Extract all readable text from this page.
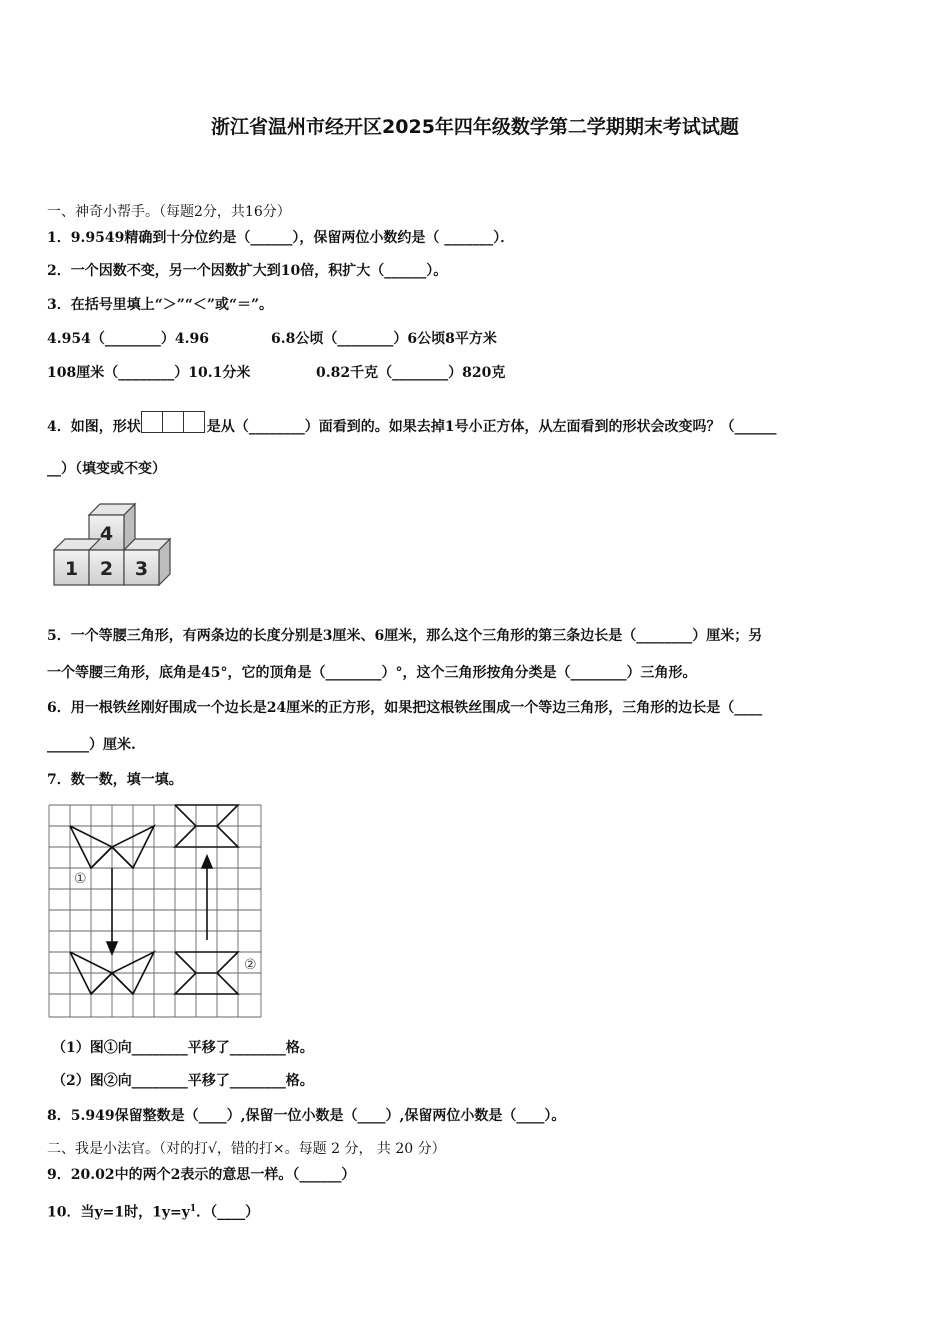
浙江省温州市经开区2025年四年级数学第二学期期末考试试题
一、神奇小帮手。（每题2分，共16分）
1．9.9549精确到十分位约是（______），保留两位小数约是（ _______）．
2．一个因数不变，另一个因数扩大到10倍，积扩大（______）。
3．在括号里填上“＞”“＜”或“＝”。
4.954（________）4.96	6.8公顷（________）6公顷8平方米
108厘米（________）10.1分米	0.82千克（________）820克
4．如图，形状	是从（________）面看到的。如果去掉1号小正方体，从左面看到的形状会改变吗？（______
__）（填变或不变）
4
1 2 3
5．一个等腰三角形，有两条边的长度分别是3厘米、6厘米，那么这个三角形的第三条边长是（________）厘米；另
一个等腰三角形，底角是45°，它的顶角是（________）°，这个三角形按角分类是（________）三角形。
6．用一根铁丝刚好围成一个边长是24厘米的正方形，如果把这根铁丝围成一个等边三角形，三角形的边长是（____
______）厘米.
7．数一数，填一填。
①
②
（1）图①向________平移了________格。
（2）图②向________平移了________格。
8．5.949保留整数是（____）,保留一位小数是（____）,保留两位小数是（____）。
二、我是小法官。（对的打√，错的打×。每题 2 分， 共 20 分）
9．20.02中的两个2表示的意思一样。（______）
10．当y=1时，$1y=y^1$．（____）
